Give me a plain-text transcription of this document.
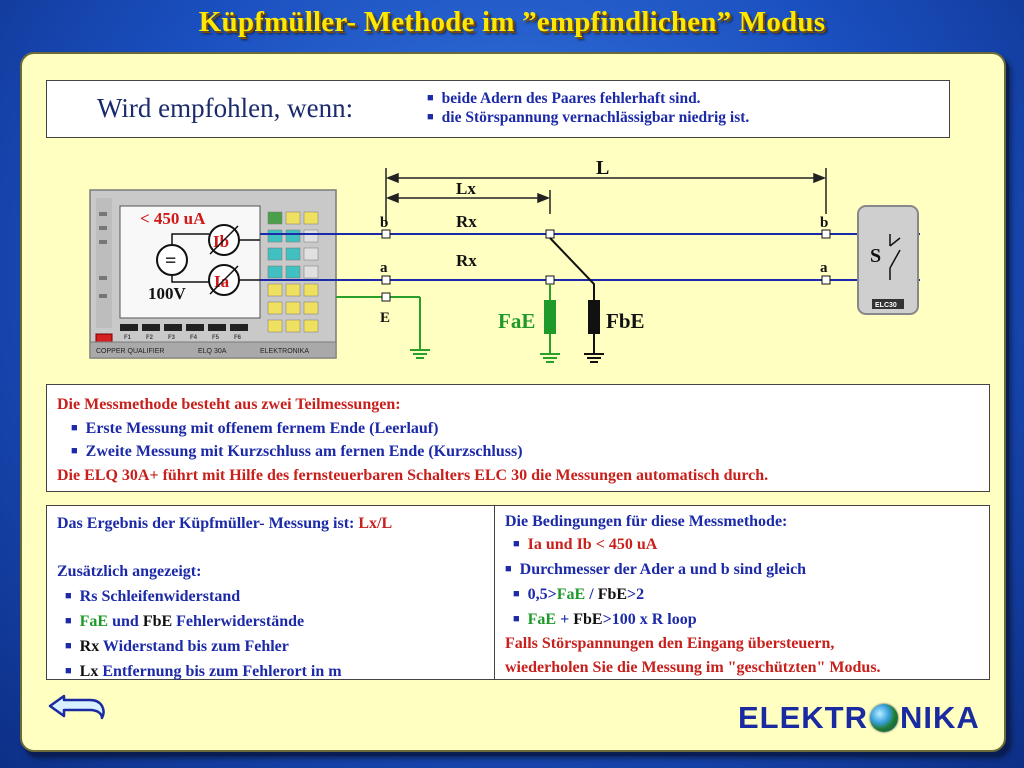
Küpfmüller- Methode im ”empfindlichen” Modus
Wird empfohlen, wenn:	■ beide Adern des Paares fehlerhaft sind.
■ die Störspannung vernachlässigbar niedrig ist.
< 450 uA
=
100V
Ib
Ia
F1 F2 F3 F4 F5 F6
COPPER QUALIFIER	ELQ 30A	ELEKTRONIKA
L
Lx
Rx
Rx
b
a
E
b
a
FaE	FbE
ELC30
S
Die Messmethode besteht aus zwei Teilmessungen:
■ Erste Messung mit offenem fernem Ende (Leerlauf)
■ Zweite Messung mit Kurzschluss am fernen Ende (Kurzschluss)
Die ELQ 30A+ führt mit Hilfe des fernsteuerbaren Schalters ELC 30 die Messungen automatisch durch.
Das Ergebnis der Küpfmüller- Messung ist: Lx/L
Zusätzlich angezeigt:
■ Rs Schleifenwiderstand
■ FaE und FbE Fehlerwiderstände
■ Rx Widerstand bis zum Fehler
■ Lx Entfernung bis zum Fehlerort in m
Die Bedingungen für diese Messmethode:
■ Ia und Ib < 450 uA
■ Durchmesser der Ader a und b sind gleich
■ 0,5>FaE / FbE>2
■ FaE + FbE>100 x R loop
Falls Störspannungen den Eingang übersteuern,
wiederholen Sie die Messung im "geschützten" Modus.
ELEKTR NIKA
